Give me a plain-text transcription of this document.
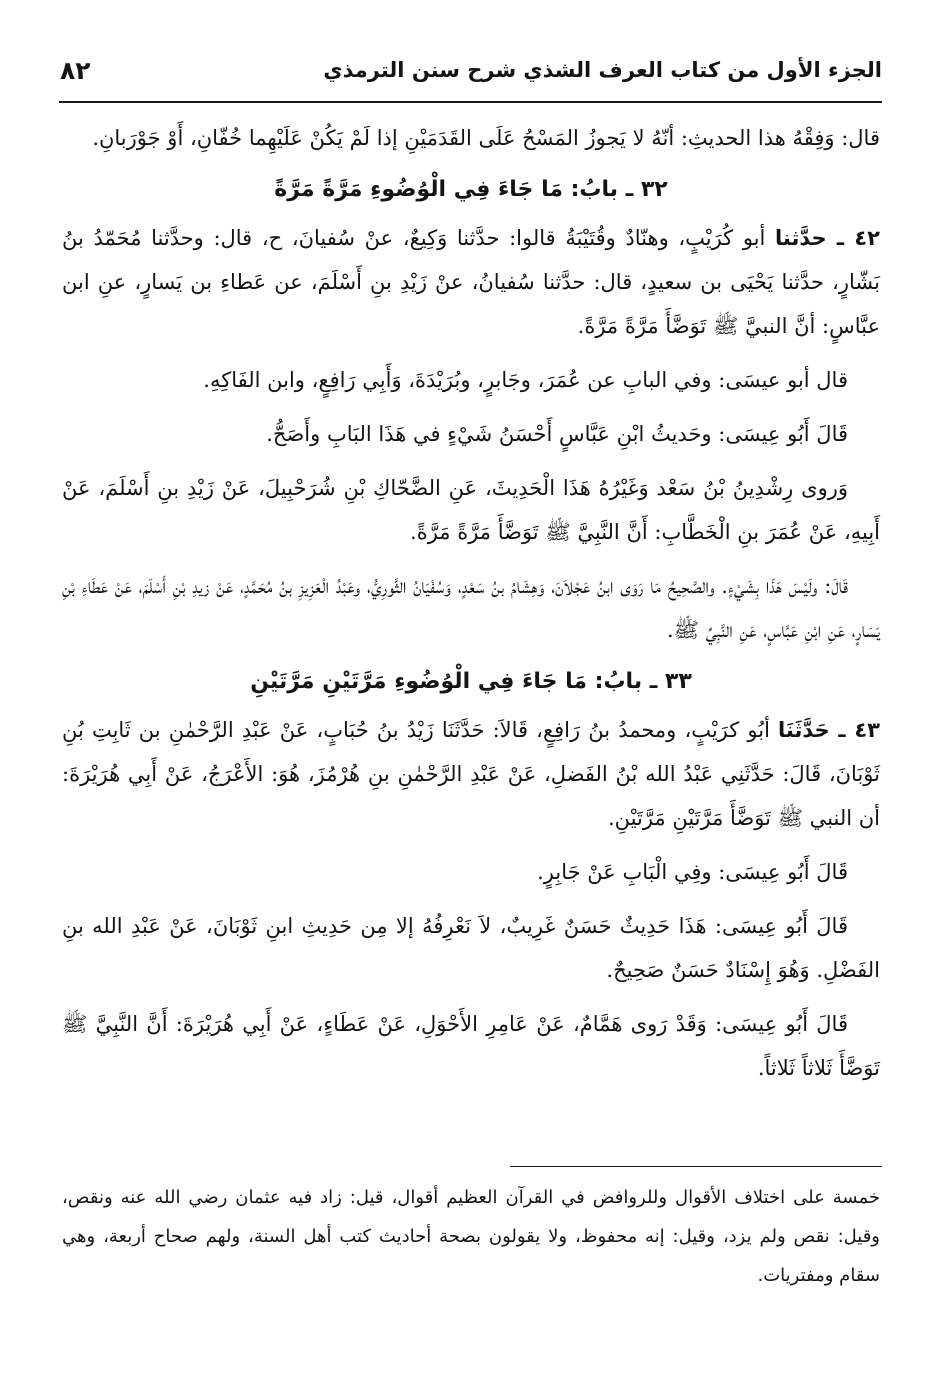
الجزء الأول من كتاب العرف الشذي شرح سنن الترمذي
٨٢

قال: وَفِقْهُ هذا الحديثِ: أنّهُ لا يَجوزُ المَسْحُ عَلَى القَدَمَيْنِ إذا لَمْ يَكُنْ عَلَيْهِما خُفّانِ، أَوْ جَوْرَبانِ.

٣٢ ـ بابُ: مَا جَاءَ فِي الْوُضُوءِ مَرَّةً مَرَّةً

٤٢ ـ حدَّثنا أبو كُرَيْبٍ، وهنّادٌ وقُتَيْبَةُ قالوا: حدَّثنا وَكِيعٌ، عنْ سُفيانَ، ح، قال: وحدَّثنا مُحَمّدُ بنُ بَشّارٍ، حدَّثنا يَحْيَى بن سعيدٍ، قال: حدَّثنا سُفيانُ، عنْ زَيْدِ بنِ أَسْلَمَ، عن عَطاءِ بن يَسارٍ، عنِ ابن عبَّاسٍ: أنَّ النبيَّ ﷺ تَوَضَّأَ مَرَّةً مَرَّةً.

قال أبو عيسَى: وفي البابِ عن عُمَرَ، وجَابرٍ، وبُرَيْدَةَ، وَأَبِي رَافِعٍ، وابن الفَاكِهِ.

قَالَ أَبُو عِيسَى: وحَديثُ ابْنِ عَبَّاسٍ أَحْسَنُ شَيْءٍ في هَذَا البَابِ وأَصَحُّ.

وَروى رِشْدِينُ بْنُ سَعْد وَغَيْرُهُ هَذَا الْحَدِيثَ، عَنِ الضَّحّاكِ بْنِ شُرَحْبِيلَ، عَنْ زَيْدِ بنِ أَسْلَمَ، عَنْ أَبِيهِ، عَنْ عُمَرَ بنِ الْخَطَّابِ: أَنَّ النَّبِيَّ ﷺ تَوَضَّأَ مَرَّةً مَرَّةً.

قَالَ: ولَيْسَ هَذَا بِشَيْءٍ. والصَّحِيحُ مَا رَوَى ابنُ عَجْلاَنَ، وَهِشَامُ بنُ سَعْدٍ، وَسُفْيَانُ الثَّورِيُّ، وعَبْدُ الْعَزِيزِ بنُ مُحَمَّدٍ، عَنْ زيدِ بْنِ أَسْلَمَ، عَنْ عَطَاءِ بْنِ يَسَارٍ، عَنِ ابْنِ عَبَّاسٍ، عَنِ النَّبِيِّ ﷺ.

٣٣ ـ بابُ: مَا جَاءَ فِي الْوُضُوءِ مَرَّتَيْنِ مَرَّتَيْنِ

٤٣ ـ حَدَّثَنَا أبُو كرَيْبٍ، ومحمدُ بنُ رَافِعٍ، قَالاَ: حَدَّثَنَا زَيْدُ بنُ حُبَابٍ، عَنْ عَبْدِ الرَّحْمٰنِ بن ثَابِتِ بُنِ ثَوْبَانَ، قَالَ: حَدَّثَنِي عَبْدُ الله بْنُ الفَضلِ، عَنْ عَبْدِ الرَّحْمٰنِ بنِ هُرْمُزَ، هُوَ: الأَعْرَجُ، عَنْ أَبِي هُرَيْرَةَ: أن النبي ﷺ تَوَضَّأَ مَرَّتَيْنِ مَرَّتَيْنِ.

قَالَ أَبُو عِيسَى: وفِي الْبَابِ عَنْ جَابِرٍ.

قَالَ أَبُو عِيسَى: هَذَا حَدِيثٌ حَسَنٌ غَرِيبٌ، لاَ نَعْرِفُهُ إلا مِن حَدِيثِ ابنِ ثَوْبَانَ، عَنْ عَبْدِ الله بنِ الفَضْلِ. وَهُوَ إِسْنَادٌ حَسَنٌ صَحِيحٌ.

قَالَ أَبُو عِيسَى: وَقَدْ رَوى هَمَّامٌ، عَنْ عَامِرِ الأَحْوَلِ، عَنْ عَطَاءٍ، عَنْ أَبِي هُرَيْرَةَ: أَنَّ النَّبِيَّ ﷺ تَوَضَّأَ ثَلاثاً ثَلاثاً.

خمسة على اختلاف الأقوال وللروافض في القرآن العظيم أقوال، قيل: زاد فيه عثمان رضي الله عنه ونقص، وقيل: نقص ولم يزد، وقيل: إنه محفوظ، ولا يقولون بصحة أحاديث كتب أهل السنة، ولهم صحاح أربعة، وهي سقام ومفتريات.
